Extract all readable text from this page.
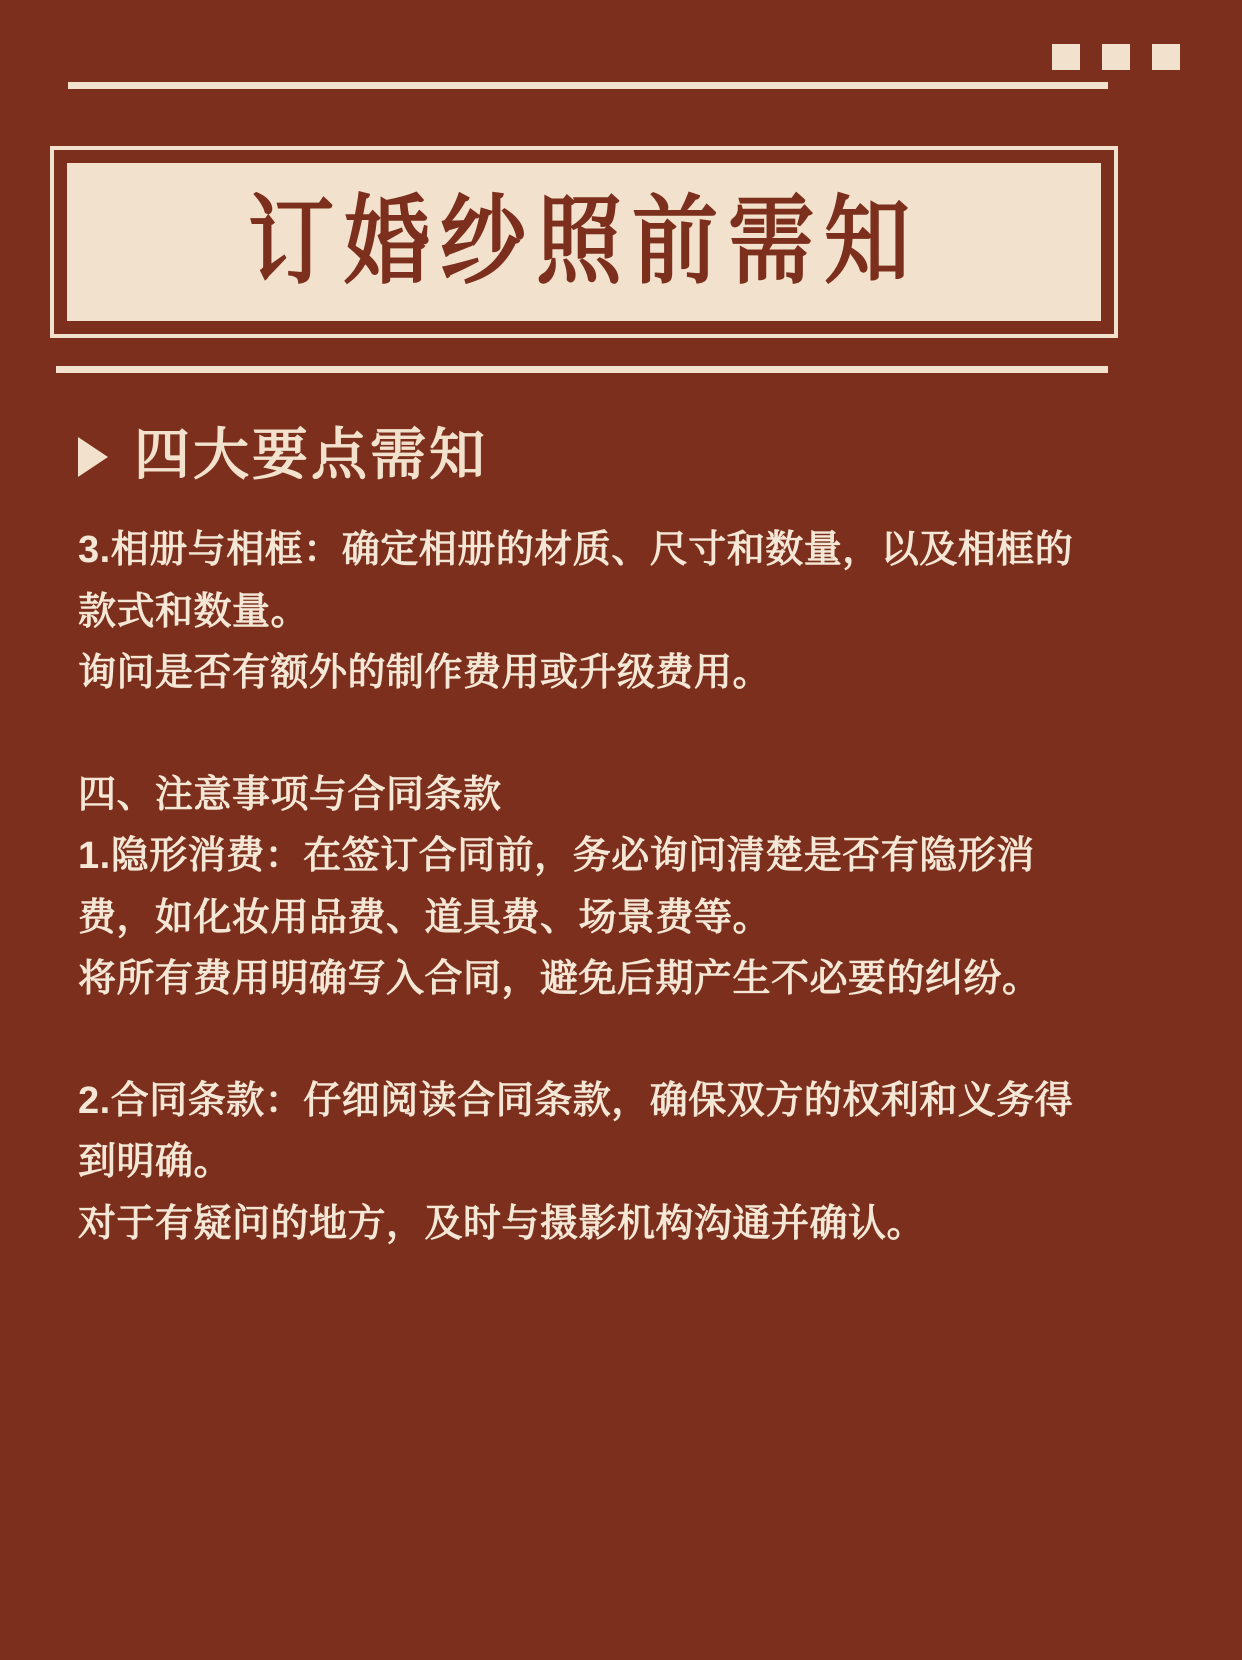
订婚纱照前需知
四大要点需知

3.相册与相框：确定相册的材质、尺寸和数量，以及相框的款式和数量。

询问是否有额外的制作费用或升级费用。

四、注意事项与合同条款

1.隐形消费：在签订合同前，务必询问清楚是否有隐形消费，如化妆用品费、道具费、场景费等。

将所有费用明确写入合同，避免后期产生不必要的纠纷。

2.合同条款：仔细阅读合同条款，确保双方的权利和义务得到明确。

对于有疑问的地方，及时与摄影机构沟通并确认。
